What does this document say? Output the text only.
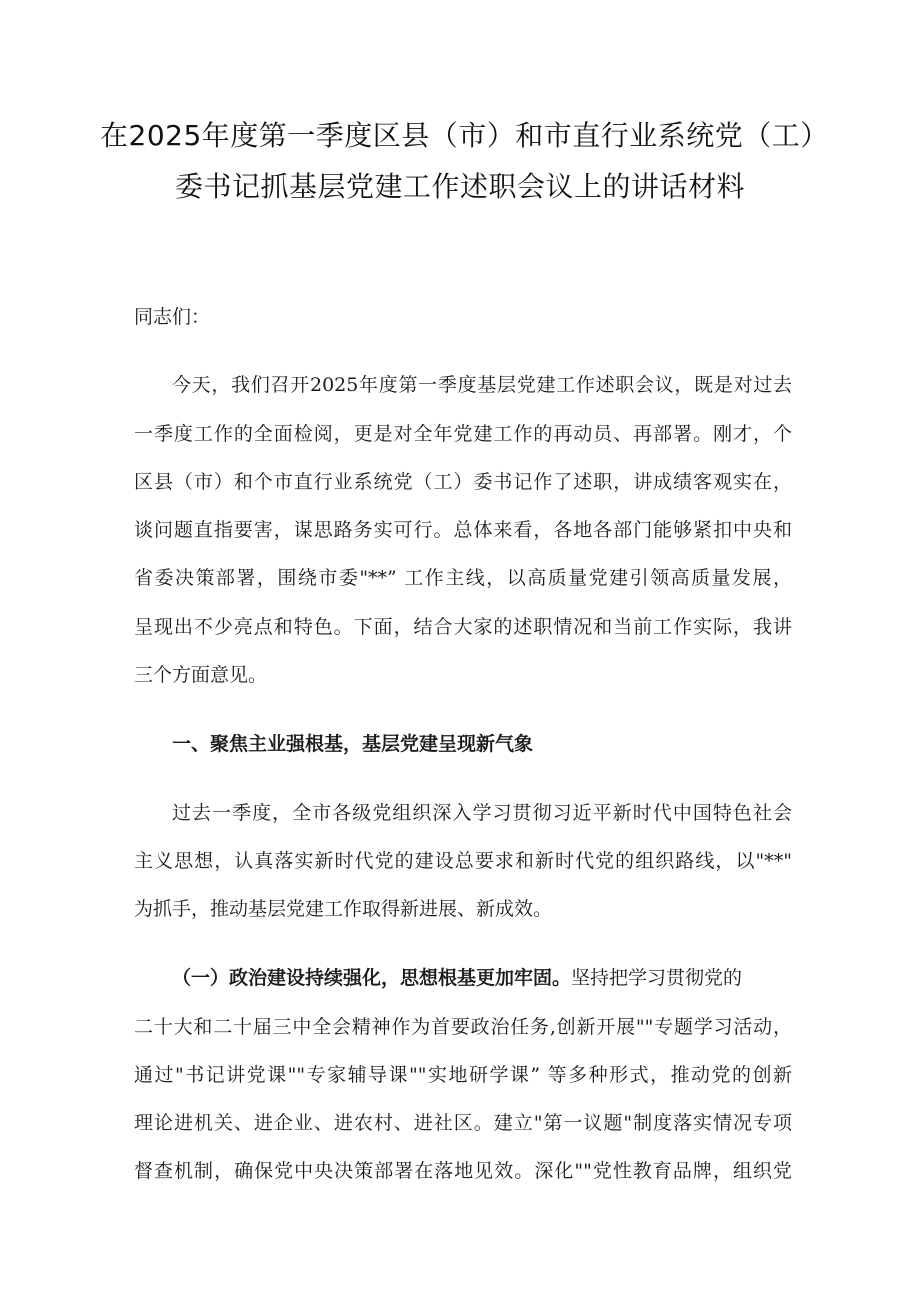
在2025年度第一季度区县（市）和市直行业系统党（工）
委书记抓基层党建工作述职会议上的讲话材料

同志们：

今天，我们召开2025年度第一季度基层党建工作述职会议，既是对过去

一季度工作的全面检阅，更是对全年党建工作的再动员、再部署。刚才，个

区县（市）和个市直行业系统党（工）委书记作了述职，讲成绩客观实在，

谈问题直指要害，谋思路务实可行。总体来看，各地各部门能够紧扣中央和

省委决策部署，围绕市委"**” 工作主线，以高质量党建引领高质量发展，

呈现出不少亮点和特色。下面，结合大家的述职情况和当前工作实际，我讲

三个方面意见。

一、聚焦主业强根基，基层党建呈现新气象

过去一季度，全市各级党组织深入学习贯彻习近平新时代中国特色社会

主义思想，认真落实新时代党的建设总要求和新时代党的组织路线，以"**"

为抓手，推动基层党建工作取得新进展、新成效。

（一）政治建设持续强化，思想根基更加牢固。坚持把学习贯彻党的

二十大和二十届三中全会精神作为首要政治任务,创新开展""专题学习活动，

通过"书记讲党课""专家辅导课""实地研学课” 等多种形式，推动党的创新

理论进机关、进企业、进农村、进社区。建立"第一议题"制度落实情况专项

督查机制，确保党中央决策部署在落地见效。深化""党性教育品牌，组织党
